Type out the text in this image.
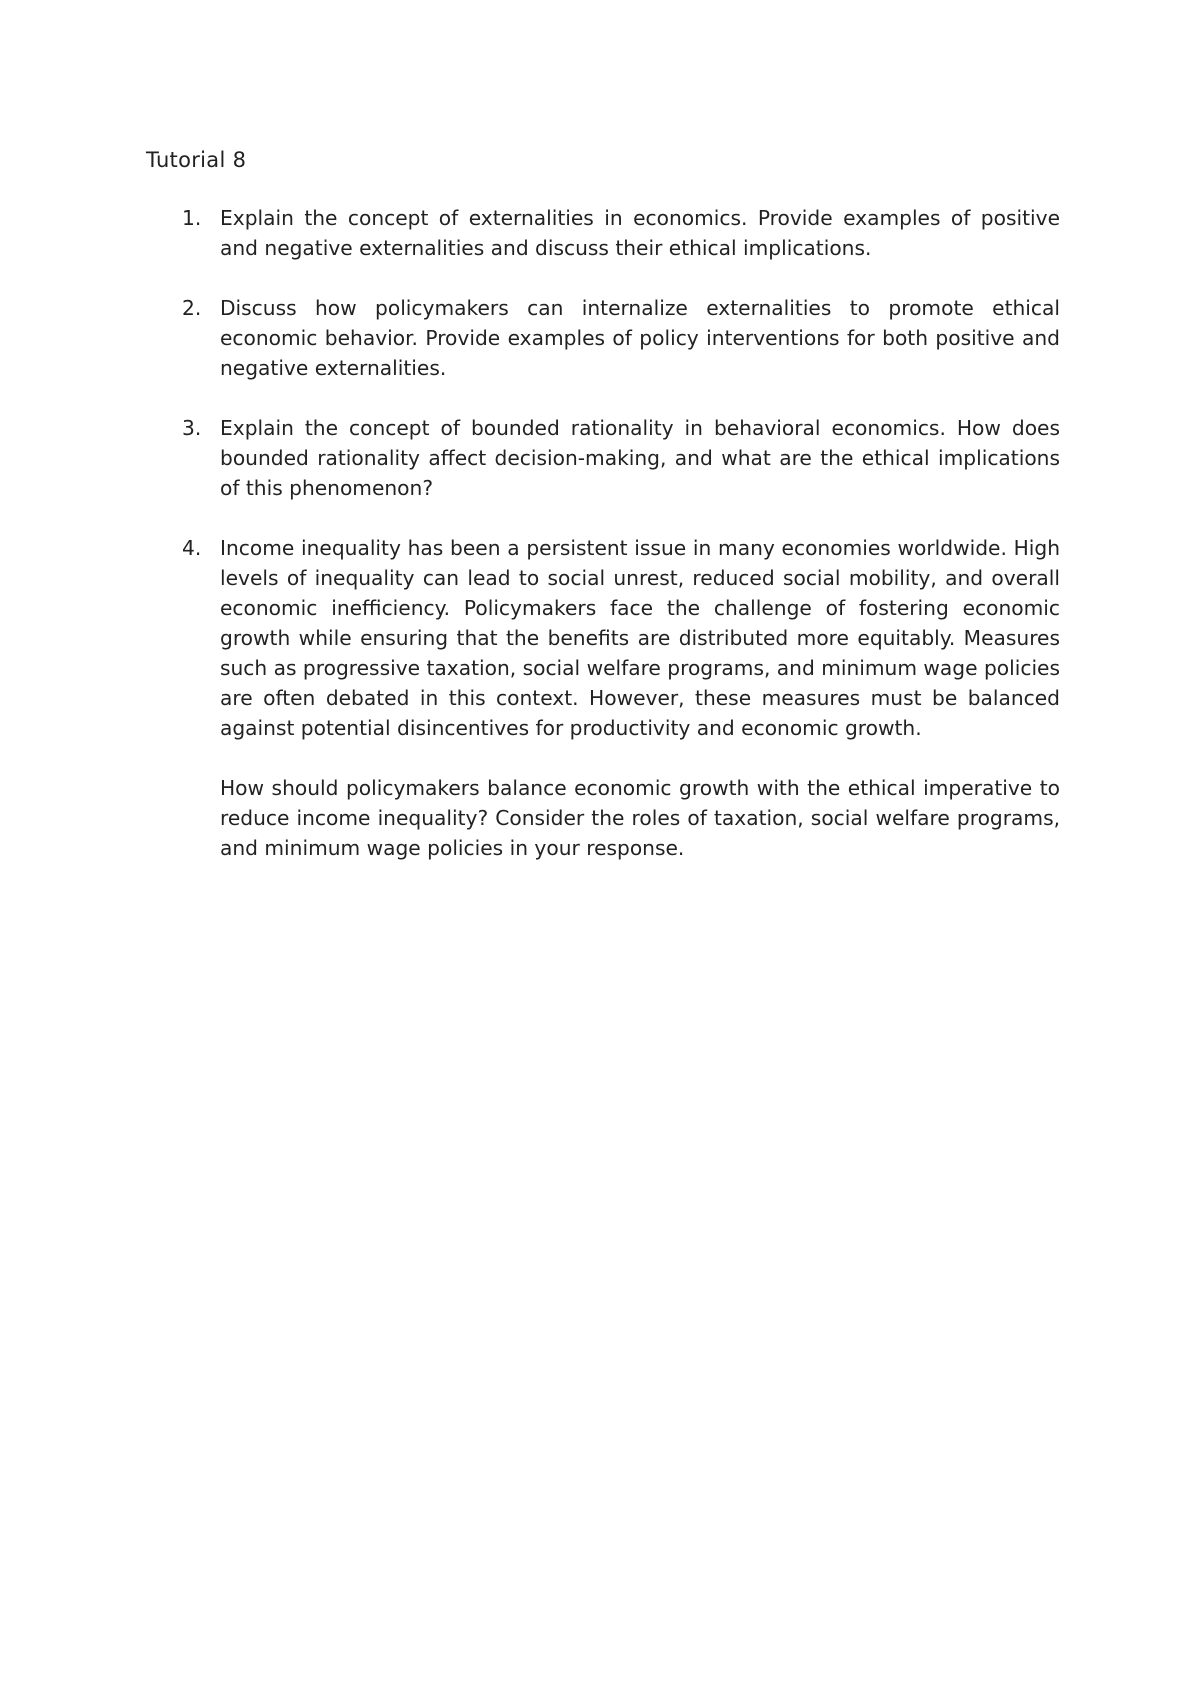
Tutorial 8
1. Explain the concept of externalities in economics. Provide examples of positive and negative externalities and discuss their ethical implications.

2. Discuss how policymakers can internalize externalities to promote ethical economic behavior. Provide examples of policy interventions for both positive and negative externalities.

3. Explain the concept of bounded rationality in behavioral economics. How does bounded rationality affect decision-making, and what are the ethical implications of this phenomenon?

4. Income inequality has been a persistent issue in many economies worldwide. High levels of inequality can lead to social unrest, reduced social mobility, and overall economic inefficiency. Policymakers face the challenge of fostering economic growth while ensuring that the benefits are distributed more equitably. Measures such as progressive taxation, social welfare programs, and minimum wage policies are often debated in this context. However, these measures must be balanced against potential disincentives for productivity and economic growth.

How should policymakers balance economic growth with the ethical imperative to reduce income inequality? Consider the roles of taxation, social welfare programs, and minimum wage policies in your response.
